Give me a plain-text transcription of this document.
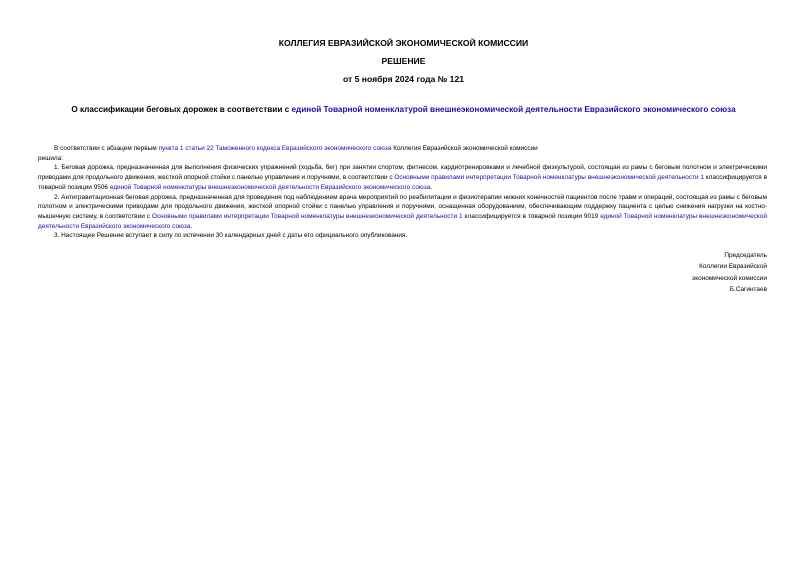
КОЛЛЕГИЯ ЕВРАЗИЙСКОЙ ЭКОНОМИЧЕСКОЙ КОМИССИИ
РЕШЕНИЕ
от 5 ноября 2024 года № 121
О классификации беговых дорожек в соответствии с единой Товарной номенклатурой внешнеэкономической деятельности Евразийского экономического союза

В соответствии с абзацем первым пункта 1 статьи 22 Таможенного кодекса Евразийского экономического союза Коллегия Евразийской экономической комиссии

решила:

1. Беговая дорожка, предназначенная для выполнения физических упражнений (ходьба, бег) при занятии спортом, фитнесом, кардиотренировками и лечебной физкультурой, состоящая из рамы с беговым полотном и электрическими приводами для продольного движения, жесткой опорной стойки с панелью управления и поручнями, в соответствии с Основными правилами интерпретации Товарной номенклатуры внешнеэкономической деятельности 1 классифицируется в товарной позиции 9506 единой Товарной номенклатуры внешнеэкономической деятельности Евразийского экономического союза.

2. Антигравитационная беговая дорожка, предназначенная для проведения под наблюдением врача мероприятий по реабилитации и физиотерапии нижних конечностей пациентов после травм и операций, состоящая из рамы с беговым полотном и электрическими приводами для продольного движения, жесткой опорной стойки с панелью управления и поручнями, оснащенная оборудованием, обеспечивающим поддержку пациента с целью снижения нагрузки на костно-мышечную систему, в соответствии с Основными правилами интерпретации Товарной номенклатуры внешнеэкономической деятельности 1 классифицируется в товарной позиции 9019 единой Товарной номенклатуры внешнеэкономической деятельности Евразийского экономического союза.

3. Настоящее Решение вступает в силу по истечении 30 календарных дней с даты его официального опубликования.

Председатель
Коллегии Евразийской
экономической комиссии
Б.Сагинтаев
